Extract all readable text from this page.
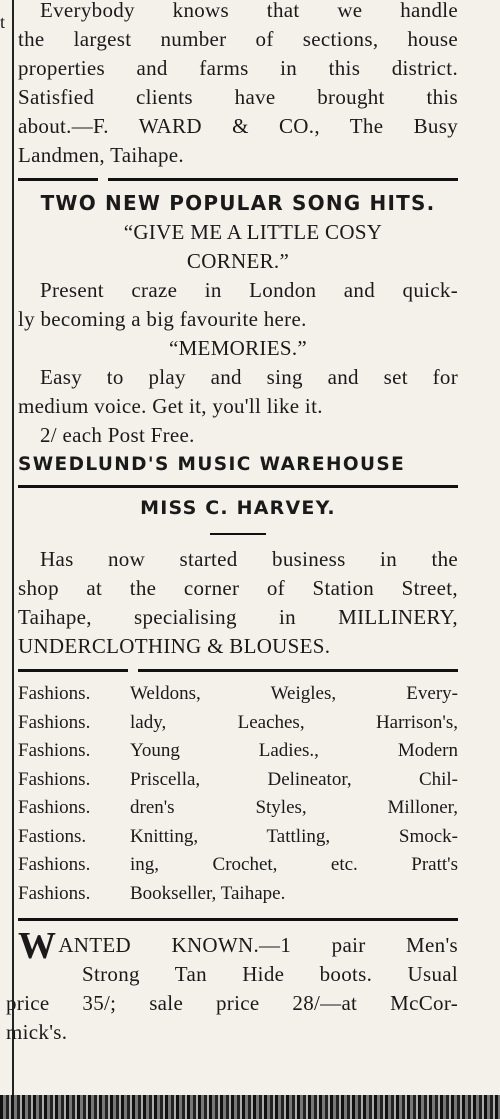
t	Everybody knows that we handle
the largest number of sections, house
properties and farms in this district.
Satisfied clients have brought this
about.—F. WARD & CO., The Busy
Landmen, Taihape.
TWO NEW POPULAR SONG HITS.
“GIVE ME A LITTLE COSY
CORNER.”
Present craze in London and quick-
ly becoming a big favourite here.
“MEMORIES.”
Easy to play and sing and set for
medium voice. Get it, you'll like it.
2/ each Post Free.
SWEDLUND'S MUSIC WAREHOUSE
MISS C. HARVEY.
Has now started business in the
shop at the corner of Station Street,
Taihape, specialising in MILLINERY,
UNDERCLOTHING & BLOUSES.
Fashions.	Weldons, Weigles, Every-
Fashions.	lady, Leaches, Harrison's,
Fashions.	Young Ladies., Modern
Fashions.	Priscella, Delineator, Chil-
Fashions.	dren's Styles, Milloner,
Fastions.	Knitting, Tattling, Smock-
Fashions.	ing, Crochet, etc. Pratt's
Fashions.	Bookseller, Taihape.
WANTED KNOWN.—1 pair Men's
Strong Tan Hide boots. Usual
price 35/; sale price 28/—at McCor-
mick's.
